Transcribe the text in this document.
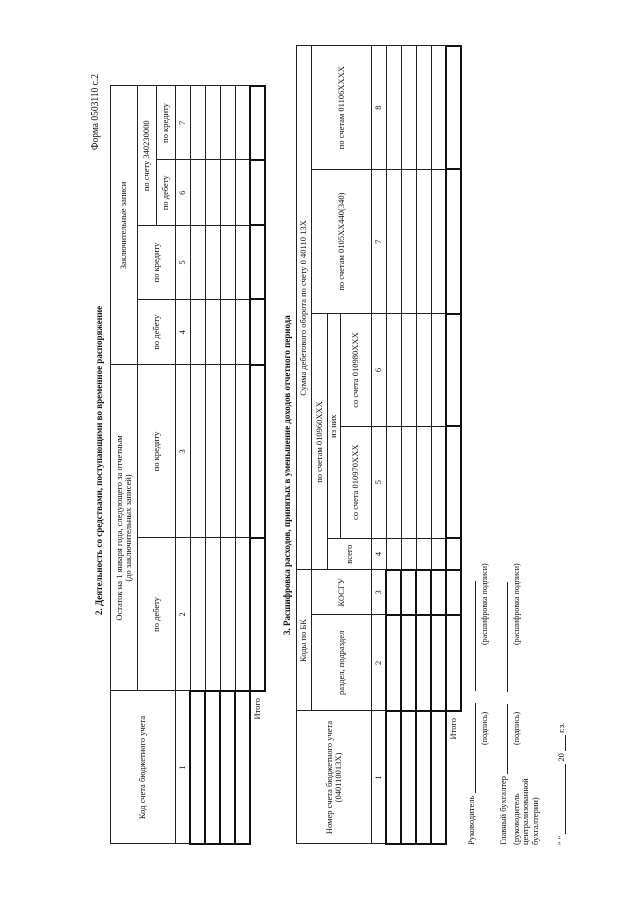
Форма 0503110 с.2
2. Деятельность со средствами, поступающими во временное распоряжение
Код счета бюджетного учета	Остаток на 1 января года, следующего за отчетным
(до заключительных записей)		Заключительные записи			
	по дебету	по кредиту	по дебету	по кредиту	по счету 340230000	
					по дебету	по кредиту
1	2	3	4	5	6	7

Итого						
3. Расшифровка расходов, принятых в уменьшение доходов отчетного периода
Номер счета бюджетного учета (040110013Х)	Коды по БК		Сумма дебетового оборота по счету 0 40110 13Х				
	раздел, подраздел	КОСГУ	по счетам 010960ХХХ			по счетам 0105ХХ440(340)	по счетам 01106ХХХХ
			всего	из них			
				со счета 010970ХХХ	со счета 010980ХХХ		
1	2	3	4	5	6	7	8

Итого							
Руководитель
(подпись)
(расшифровка подписи)
Главный бухгалтер (руководитель централизованной бухгалтерии)
(подпись)
(расшифровка подписи)
" "  20  г.з.
